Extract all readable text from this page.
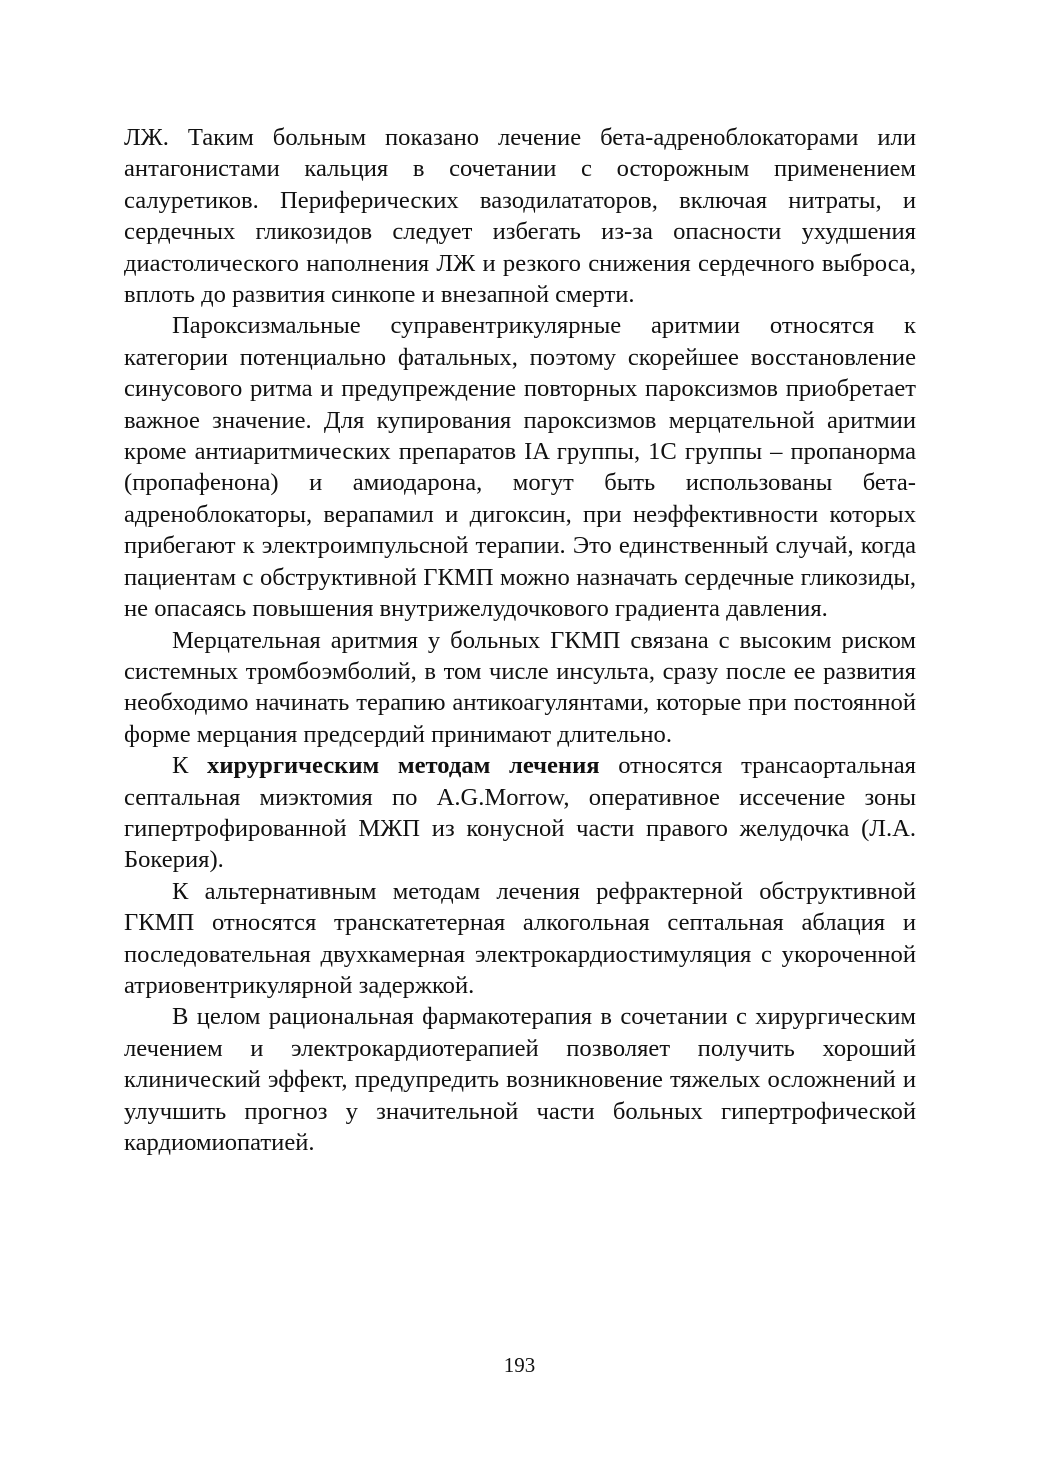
ЛЖ. Таким больным показано лечение бета-адреноблокаторами или антагонистами кальция в сочетании с осторожным применением салуретиков. Периферических вазодилататоров, включая нитраты, и сердечных гликозидов следует избегать из-за опасности ухудшения диастолического наполнения ЛЖ и резкого снижения сердечного выброса, вплоть до развития синкопе и внезапной смерти.

Пароксизмальные суправентрикулярные аритмии относятся к категории потенциально фатальных, поэтому скорейшее восстановление синусового ритма и предупреждение повторных пароксизмов приобретает важное значение. Для купирования пароксизмов мерцательной аритмии кроме антиаритмических препаратов IA группы, 1C группы – пропанорма (пропафенона) и амиодарона, могут быть использованы бета-адреноблокаторы, верапамил и дигоксин, при неэффективности которых прибегают к электроимпульсной терапии. Это единственный случай, когда пациентам с обструктивной ГКМП можно назначать сердечные гликозиды, не опасаясь повышения внутрижелудочкового градиента давления.

Мерцательная аритмия у больных ГКМП связана с высоким риском системных тромбоэмболий, в том числе инсульта, сразу после ее развития необходимо начинать терапию антикоагулянтами, которые при постоянной форме мерцания предсердий принимают длительно.

К хирургическим методам лечения относятся трансаортальная септальная миэктомия по A.G.Morrow, оперативное иссечение зоны гипертрофированной МЖП из конусной части правого желудочка (Л.А. Бокерия).

К альтернативным методам лечения рефрактерной обструктивной ГКМП относятся транскатетерная алкогольная септальная аблация и последовательная двухкамерная электрокардиостимуляция с укороченной атриовентрикулярной задержкой.

В целом рациональная фармакотерапия в сочетании с хирургическим лечением и электрокардиотерапией позволяет получить хороший клинический эффект, предупредить возникновение тяжелых осложнений и улучшить прогноз у значительной части больных гипертрофической кардиомиопатией.

193
